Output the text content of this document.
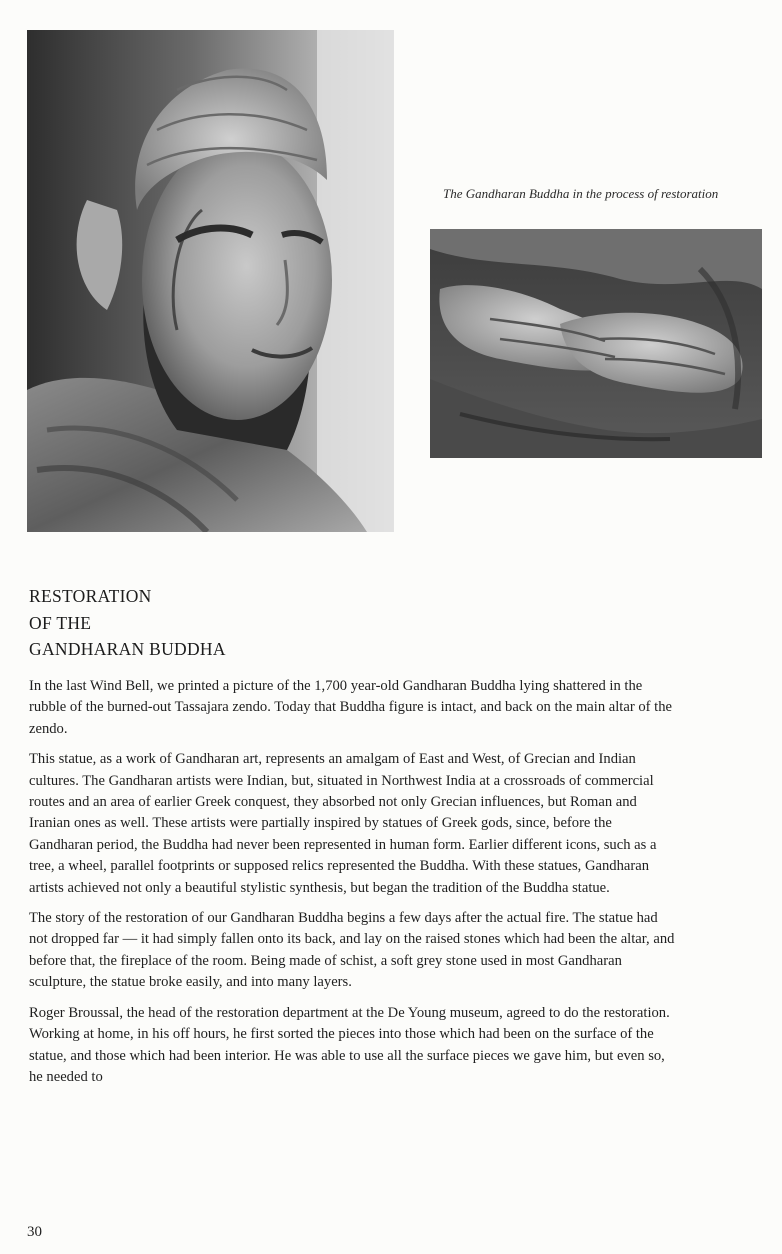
The Gandharan Buddha in the process of restoration
RESTORATION
OF THE
GANDHARAN BUDDHA

In the last Wind Bell, we printed a picture of the 1,700 year-old Gandharan Buddha lying shattered in the rubble of the burned-out Tassajara zendo. Today that Buddha figure is intact, and back on the main altar of the zendo.

This statue, as a work of Gandharan art, represents an amalgam of East and West, of Grecian and Indian cultures. The Gandharan artists were Indian, but, situated in Northwest India at a crossroads of commercial routes and an area of earlier Greek conquest, they absorbed not only Grecian influences, but Roman and Iranian ones as well. These artists were partially inspired by statues of Greek gods, since, before the Gandharan period, the Buddha had never been represented in human form. Earlier different icons, such as a tree, a wheel, parallel footprints or supposed relics represented the Buddha. With these statues, Gandharan artists achieved not only a beautiful stylistic synthesis, but began the tradition of the Buddha statue.

The story of the restoration of our Gandharan Buddha begins a few days after the actual fire. The statue had not dropped far — it had simply fallen onto its back, and lay on the raised stones which had been the altar, and before that, the fireplace of the room. Being made of schist, a soft grey stone used in most Gandharan sculpture, the statue broke easily, and into many layers.

Roger Broussal, the head of the restoration department at the De Young museum, agreed to do the restoration. Working at home, in his off hours, he first sorted the pieces into those which had been on the surface of the statue, and those which had been interior. He was able to use all the surface pieces we gave him, but even so, he needed to

30
